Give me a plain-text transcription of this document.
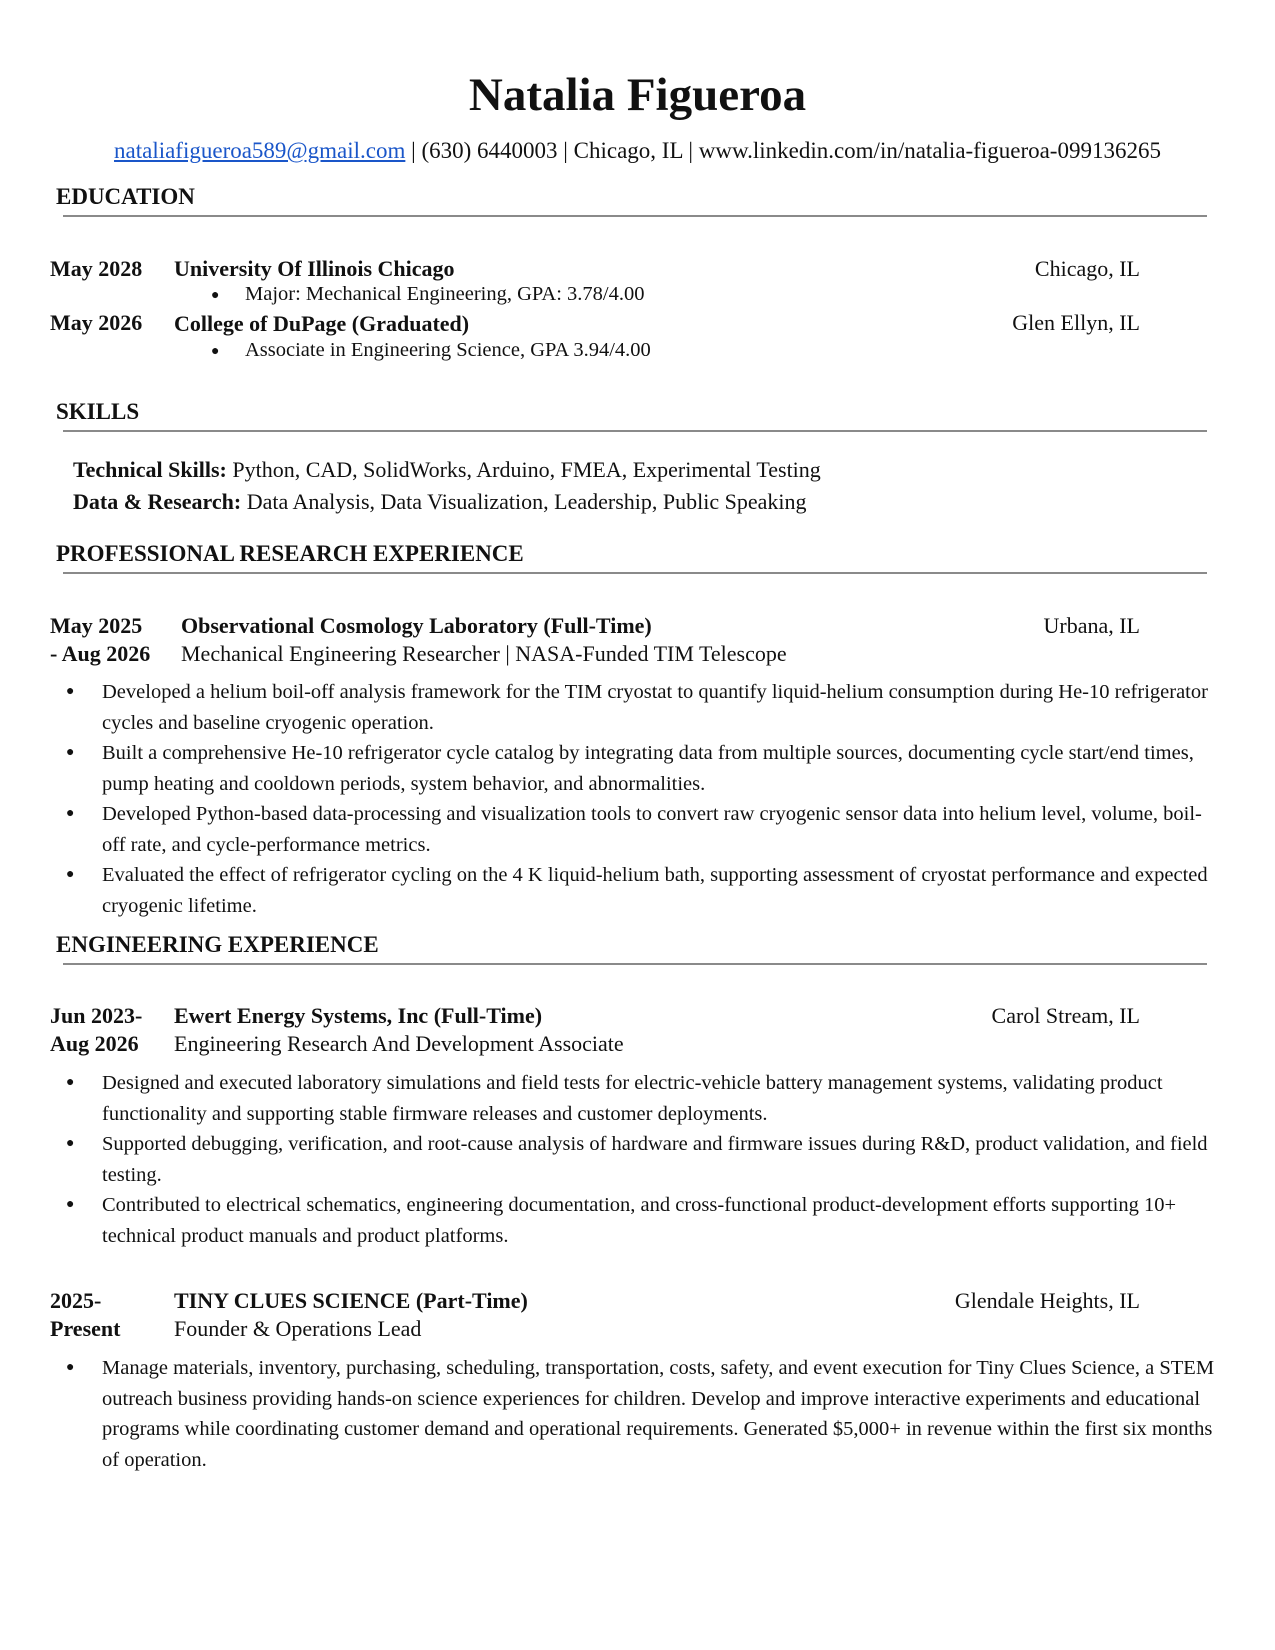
Natalia Figueroa
nataliafigueroa589@gmail.com | (630) 6440003 | Chicago, IL | www.linkedin.com/in/natalia-figueroa-099136265
EDUCATION
May 2028 University Of Illinois Chicago	Chicago, IL
● Major: Mechanical Engineering, GPA: 3.78/4.00
May 2026 College of DuPage (Graduated)	Glen Ellyn, IL
● Associate in Engineering Science, GPA 3.94/4.00
SKILLS
Technical Skills: Python, CAD, SolidWorks, Arduino, FMEA, Experimental Testing
Data & Research: Data Analysis, Data Visualization, Leadership, Public Speaking
PROFESSIONAL RESEARCH EXPERIENCE
May 2025
- Aug 2026
Observational Cosmology Laboratory (Full-Time)
Mechanical Engineering Researcher | NASA-Funded TIM Telescope
Urbana, IL
● Developed a helium boil-off analysis framework for the TIM cryostat to quantify liquid-helium consumption during He-10 refrigerator cycles and baseline cryogenic operation.
● Built a comprehensive He-10 refrigerator cycle catalog by integrating data from multiple sources, documenting cycle start/end times, pump heating and cooldown periods, system behavior, and abnormalities.
● Developed Python-based data-processing and visualization tools to convert raw cryogenic sensor data into helium level, volume, boil-off rate, and cycle-performance metrics.
● Evaluated the effect of refrigerator cycling on the 4 K liquid-helium bath, supporting assessment of cryostat performance and expected cryogenic lifetime.
ENGINEERING EXPERIENCE
Jun 2023-
Aug 2026
Ewert Energy Systems, Inc (Full-Time)
Engineering Research And Development Associate
Carol Stream, IL
● Designed and executed laboratory simulations and field tests for electric-vehicle battery management systems, validating product functionality and supporting stable firmware releases and customer deployments.
● Supported debugging, verification, and root-cause analysis of hardware and firmware issues during R&D, product validation, and field testing.
● Contributed to electrical schematics, engineering documentation, and cross-functional product-development efforts supporting 10+ technical product manuals and product platforms.
2025-
Present
TINY CLUES SCIENCE (Part-Time)
Founder & Operations Lead
Glendale Heights, IL
● Manage materials, inventory, purchasing, scheduling, transportation, costs, safety, and event execution for Tiny Clues Science, a STEM outreach business providing hands-on science experiences for children. Develop and improve interactive experiments and educational programs while coordinating customer demand and operational requirements. Generated $5,000+ in revenue within the first six months of operation.
